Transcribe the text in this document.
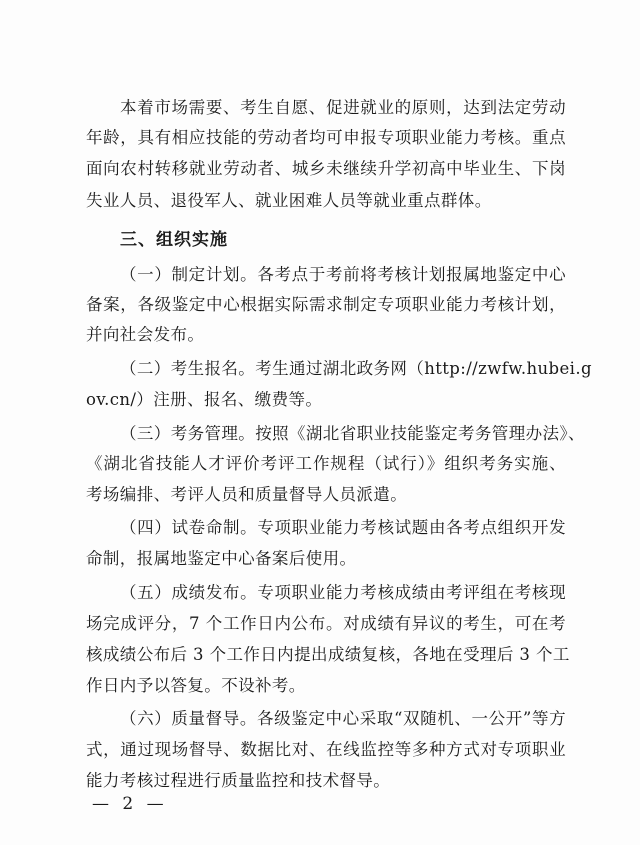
本着市场需要、考生自愿、促进就业的原则，达到法定劳动
年龄，具有相应技能的劳动者均可申报专项职业能力考核。重点
面向农村转移就业劳动者、城乡未继续升学初高中毕业生、下岗
失业人员、退役军人、就业困难人员等就业重点群体。
三、组织实施
（一）制定计划。各考点于考前将考核计划报属地鉴定中心
备案，各级鉴定中心根据实际需求制定专项职业能力考核计划，
并向社会发布。
（二）考生报名。考生通过湖北政务网（http://zwfw.hubei.g
ov.cn/）注册、报名、缴费等。
（三）考务管理。按照《湖北省职业技能鉴定考务管理办法》、
《湖北省技能人才评价考评工作规程（试行）》组织考务实施、
考场编排、考评人员和质量督导人员派遣。
（四）试卷命制。专项职业能力考核试题由各考点组织开发
命制，报属地鉴定中心备案后使用。
（五）成绩发布。专项职业能力考核成绩由考评组在考核现
场完成评分，7 个工作日内公布。对成绩有异议的考生，可在考
核成绩公布后 3 个工作日内提出成绩复核，各地在受理后 3 个工
作日内予以答复。不设补考。
（六）质量督导。各级鉴定中心采取“双随机、一公开”等方
式，通过现场督导、数据比对、在线监控等多种方式对专项职业
能力考核过程进行质量监控和技术督导。
— 2 —
